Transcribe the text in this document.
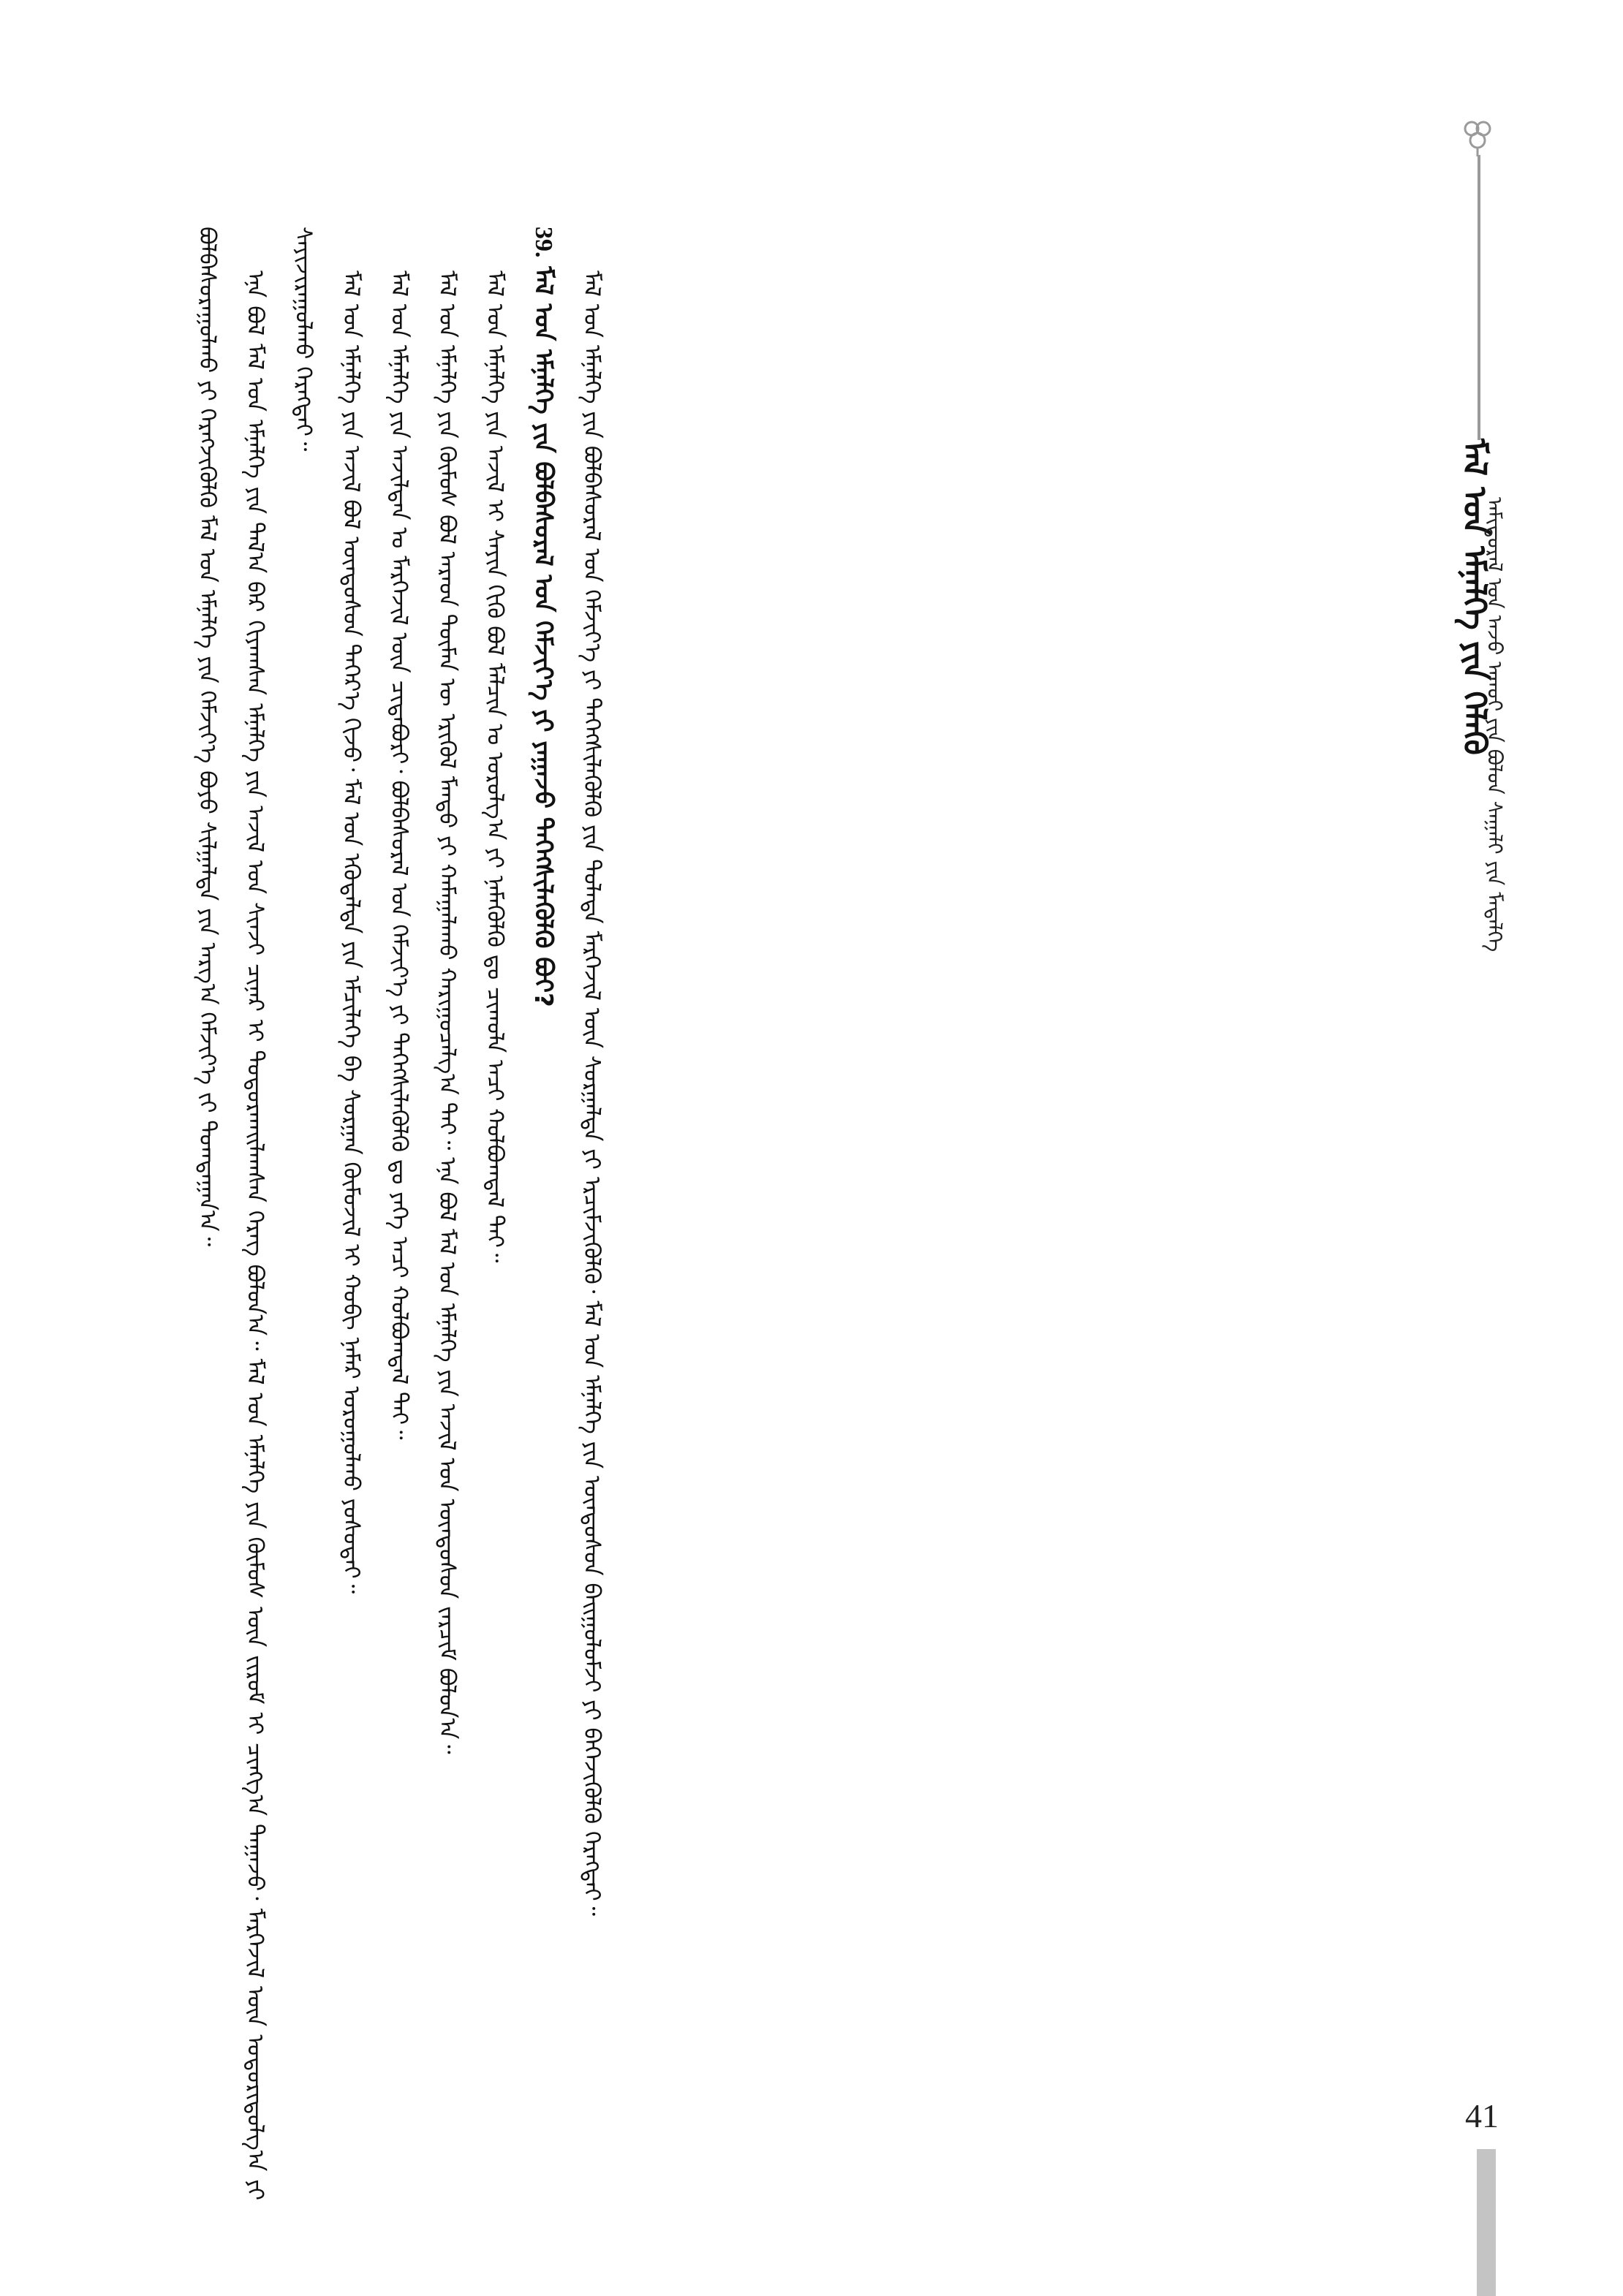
ᠮᠠᠯ ᠤᠨ ᠡᠮᠨᠡᠯᠭᠡ ᠶᠢᠨ ᠬᠡᠯᠡᠬᠦ
ᠠᠮᠢᠳᠤᠷᠠᠯ ᠤᠨ ᠠᠵᠤ ᠠᠬᠤᠢ ᠶᠢᠨ ᠪᠣᠯᠤᠨ ᠰᠠᠭᠠᠯᠢ ᠶᠢᠨ ᠮᠡᠳᠡᠯᠭᠡ

ᠪᠣᠯᠪᠠᠰᠤᠷᠠᠭᠤᠯᠬᠤ ᠶᠢ ᠬᠡᠷᠡᠭᠵᠢᠭᠦᠯᠬᠦ ᠮᠠᠯ ᠤᠨ ᠡᠮᠨᠡᠯᠭᠡ ᠶᠢᠨ ᠬᠡᠮᠵᠢᠶ᠎ᠡ ᠪᠤᠶᠤ ᠰᠢᠯᠭᠠᠯᠲᠠ ᠶᠢᠨ ᠠᠷᠭ᠎ᠠ ᠬᠡᠮᠵᠢᠶ᠎ᠡ ᠵᠢ ᠲᠣᠭᠲᠠᠭᠠᠨ᠎ᠠ᠃ ᠡᠨᠡ ᠪᠣᠯ ᠮᠠᠯ ᠤᠨ ᠡᠮᠨᠡᠯᠭᠡ ᠶᠢᠨ ᠲᠠᠯ᠎ᠠ ᠪᠠᠷ ᠬᠢᠶᠠᠭᠰᠠᠨ ᠡᠮᠨᠡᠯᠭᠡ ᠶᠢᠨ ᠠᠵᠢᠯ ᠤᠨ ᠰᠢᠨᠵᠢ ᠴᠢᠨᠠᠷ ᠢ ᠲᠣᠳᠤᠷᠬᠠᠢᠯᠠᠭᠰᠠᠨ ᠬᠡᠷᠡᠭ ᠪᠣᠯᠤᠨ᠎ᠠ᠃ ᠮᠠᠯ ᠤᠨ ᠡᠮᠨᠡᠯᠭᠡ ᠶᠢᠨ ᠬᠦᠮᠦᠰ ᠦᠨ ᠵᠢᠷᠤᠮ ᠢ ᠴᠢᠩᠭ᠎ᠠ ᠳᠠᠭᠠᠵᠤ᠂ ᠮᠡᠷᠭᠡᠵᠢᠯ ᠦᠨ ᠤᠳᠤᠷᠢᠳᠤᠯᠭ᠎ᠠ ᠶᠢ ᠰᠠᠶᠢᠵᠢᠷᠠᠭᠤᠯᠬᠤ ᠬᠡᠷᠡᠭᠲᠡᠢ᠃ ᠮᠠᠯ ᠤᠨ ᠡᠮᠨᠡᠯᠭᠡ ᠶᠢᠨ ᠠᠵᠢᠯ ᠪᠣᠯ ᠦᠨᠳᠦᠰᠦᠨ ᠳᠡᠭᠡᠷ᠎ᠡ ᠬᠢᠵᠦ᠂ ᠮᠠᠯ ᠤᠨ ᠡᠭᠦᠳᠡᠯᠲᠡ ᠶᠢᠨ ᠡᠮᠴᠢᠯᠡᠭᠡ ᠪᠠ ᠰᠤᠷᠭᠠᠨ ᠬᠦᠮᠦᠵᠢᠯ ᠢ ᠬᠤᠪᠢ ᠨᠡᠮᠡᠷ ᠤᠷᠤᠭᠤᠯᠬᠤ ᠶᠤᠰᠤᠲᠠᠢ᠃ ᠮᠠᠯ ᠤᠨ ᠡᠮᠨᠡᠯᠭᠡ ᠶᠢᠨ ᠠᠵᠢᠯᠲᠠᠨ ᠤ ᠮᠡᠷᠭᠡᠵᠢᠯ ᠦᠨ ᠴᠢᠳᠠᠪᠤᠷᠢ᠂ ᠪᠣᠯᠪᠠᠰᠤᠷᠠᠯ ᠤᠨ ᠬᠡᠮᠵᠢᠶ᠎ᠡ ᠶᠢ ᠳᠡᠭᠡᠭᠰᠢᠯᠡᠭᠦᠯᠬᠦ ᠳᠤ ᠶᠡᠬᠡ ᠠᠴᠢ ᠬᠣᠯᠪᠣᠭᠳᠠᠯ ᠲᠠᠢ᠃ ᠮᠠᠯ ᠤᠨ ᠡᠮᠨᠡᠯᠭᠡ ᠶᠢᠨ ᠬᠦᠮᠦᠰ ᠪᠣᠯ ᠠᠷᠠᠳ ᠲᠦᠮᠡᠨ ᠦ ᠡᠷᠢᠭᠦᠯ ᠮᠡᠨᠳᠦ ᠶᠢ ᠬᠠᠮᠠᠭᠠᠯᠠᠬᠤ ᠬᠠᠷᠢᠭᠤᠴᠠᠯᠭ᠎ᠠ ᠲᠠᠢ᠃ ᠡᠨᠡ ᠪᠣᠯ ᠮᠠᠯ ᠤᠨ ᠡᠮᠨᠡᠯᠭᠡ ᠶᠢᠨ ᠠᠵᠢᠯ ᠤᠨ ᠦᠨᠳᠦᠰᠦᠨ ᠵᠠᠷᠴᠢᠮ ᠪᠣᠯᠤᠨ᠎ᠠ᠃ ᠮᠠᠯ ᠤᠨ ᠡᠮᠨᠡᠯᠭᠡ ᠶᠢᠨ ᠠᠵᠢᠯ ᠢ ᠰᠠᠶᠢᠨ ᠬᠢᠬᠦ ᠪᠣᠯ ᠮᠠᠯᠴᠢᠨ ᠤ ᠣᠷᠣᠯᠭ᠎ᠠ ᠶᠢ ᠨᠡᠮᠡᠭᠦᠯᠬᠦ ᠳᠤ ᠴᠢᠬᠤᠯᠠ ᠠᠴᠢ ᠬᠣᠯᠪᠣᠭᠳᠠᠯ ᠲᠠᠢ᠃

39. ᠮᠠᠯ ᠤᠨ ᠡᠮᠨᠡᠯᠭᠡ ᠶᠢᠨ ᠪᠣᠯᠪᠠᠰᠤᠷᠠᠯ ᠤᠨ ᠬᠡᠮᠵᠢᠶ᠎ᠡ ᠶᠢ ᠶᠠᠭᠠᠵᠤ ᠳᠡᠭᠡᠭᠰᠢᠯᠡᠭᠦᠯᠬᠦ ᠪᠤᠢ? ᠮᠠᠯ ᠤᠨ ᠡᠮᠨᠡᠯᠭᠡ ᠶᠢᠨ ᠪᠣᠯᠪᠠᠰᠤᠷᠠᠯ ᠤᠨ ᠬᠡᠮᠵᠢᠶ᠎ᠡ ᠶᠢ ᠳᠡᠭᠡᠭᠰᠢᠯᠡᠭᠦᠯᠬᠦ ᠶᠢᠨ ᠲᠤᠯᠠᠳᠠ ᠮᠡᠷᠭᠡᠵᠢᠯ ᠦᠨ ᠰᠤᠷᠭᠠᠯᠲᠠ ᠶᠢ ᠡᠷᠴᠢᠮᠵᠢᠬᠦᠯᠬᠦ᠂ ᠮᠠᠯ ᠤᠨ ᠡᠮᠨᠡᠯᠭᠡ ᠶᠢᠨ ᠦᠨᠳᠦᠰᠦᠨ ᠪᠠᠢᠭᠤᠯᠤᠮᠵᠢ ᠶᠢ ᠪᠡᠬᠡᠵᠢᠭᠦᠯᠬᠦ ᠬᠡᠷᠡᠭᠲᠡᠢ᠃

41
